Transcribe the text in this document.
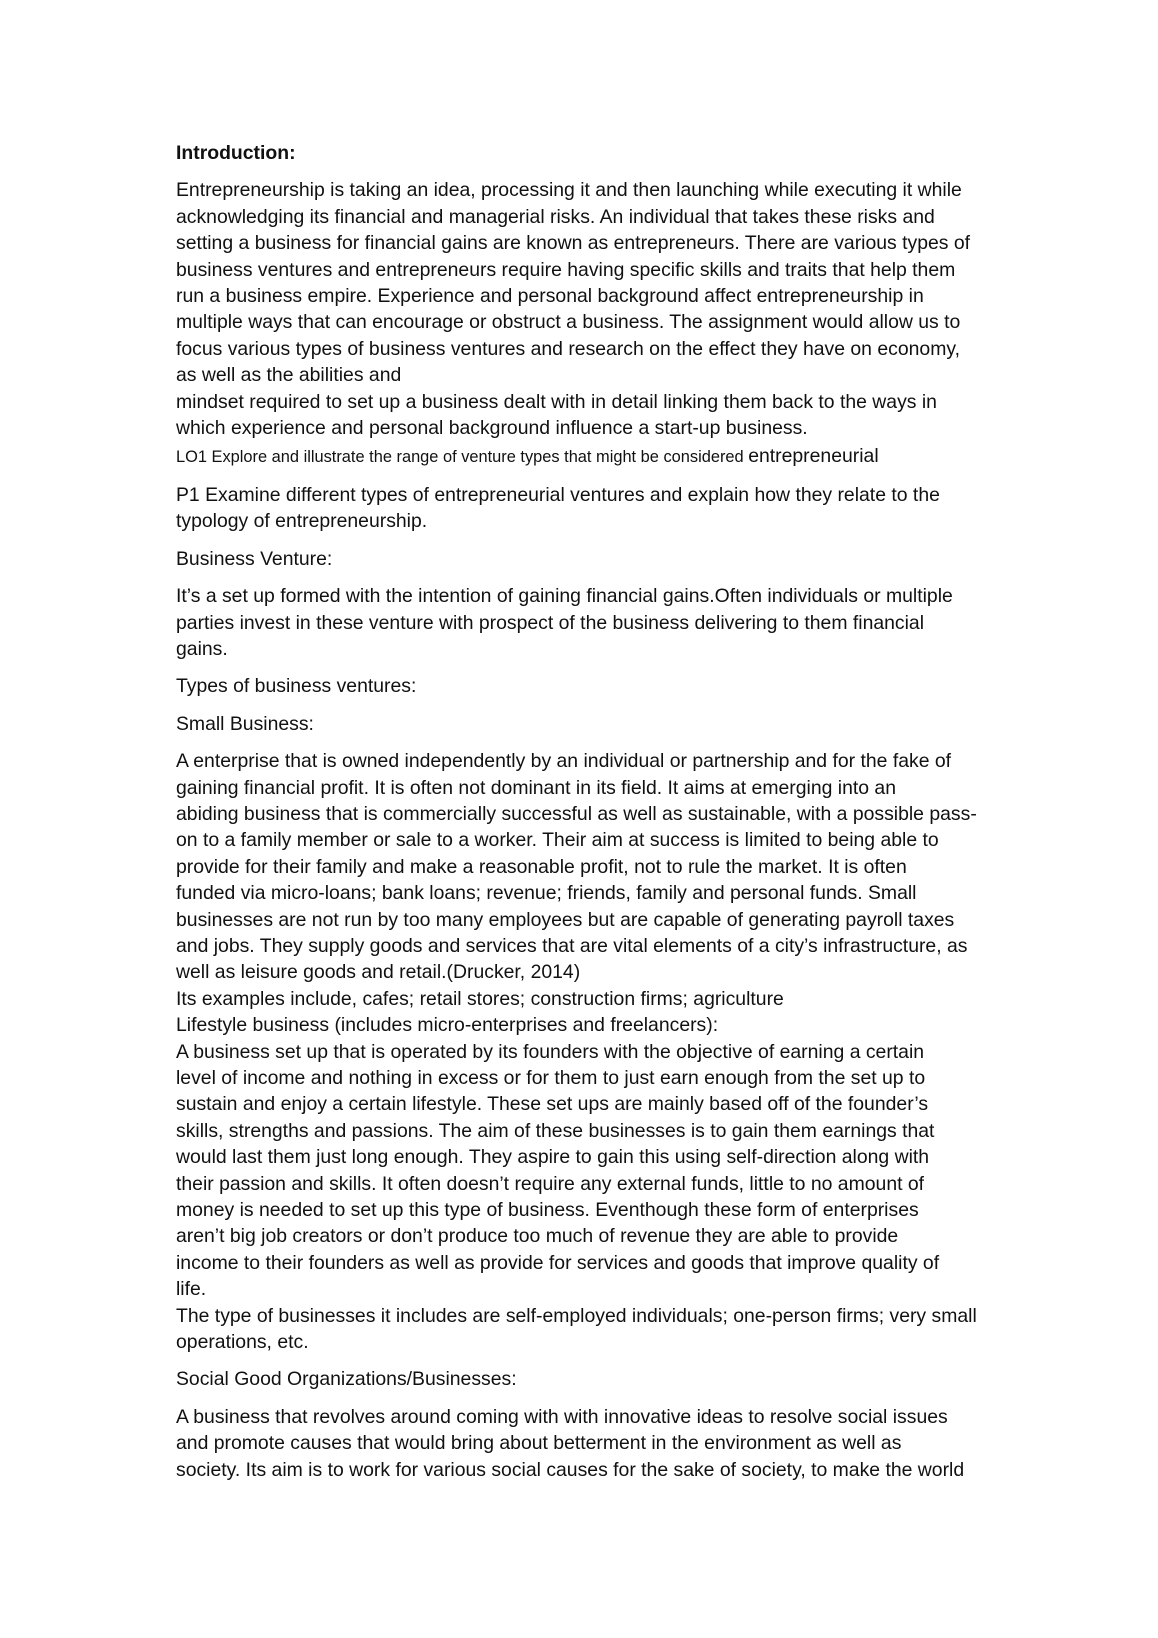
Introduction:

Entrepreneurship is taking an idea, processing it and then launching while executing it while

acknowledging its financial and managerial risks. An individual that takes these risks and

setting a business for financial gains are known as entrepreneurs. There are various types of

business ventures and entrepreneurs require having specific skills and traits that help them

run a business empire. Experience and personal background affect entrepreneurship in

multiple ways that can encourage or obstruct a business. The assignment would allow us to

focus various types of business ventures and research on the effect they have on economy,

as well as the abilities and

mindset required to set up a business dealt with in detail linking them back to the ways in

which experience and personal background influence a start-up business.

LO1 Explore and illustrate the range of venture types that might be considered entrepreneurial

P1 Examine different types of entrepreneurial ventures and explain how they relate to the

typology of entrepreneurship.

Business Venture:

It’s a set up formed with the intention of gaining financial gains.Often individuals or multiple

parties invest in these venture with prospect of the business delivering to them financial

gains.

Types of business ventures:

Small Business:

A enterprise that is owned independently by an individual or partnership and for the fake of

gaining financial profit. It is often not dominant in its field. It aims at emerging into an

abiding business that is commercially successful as well as sustainable, with a possible pass-

on to a family member or sale to a worker. Their aim at success is limited to being able to

provide for their family and make a reasonable profit, not to rule the market. It is often

funded via micro-loans; bank loans; revenue; friends, family and personal funds. Small

businesses are not run by too many employees but are capable of generating payroll taxes

and jobs. They supply goods and services that are vital elements of a city’s infrastructure, as

well as leisure goods and retail.(Drucker, 2014)

Its examples include, cafes; retail stores; construction firms; agriculture

Lifestyle business (includes micro-enterprises and freelancers):

A business set up that is operated by its founders with the objective of earning a certain

level of income and nothing in excess or for them to just earn enough from the set up to

sustain and enjoy a certain lifestyle. These set ups are mainly based off of the founder’s

skills, strengths and passions. The aim of these businesses is to gain them earnings that

would last them just long enough. They aspire to gain this using self-direction along with

their passion and skills. It often doesn’t require any external funds, little to no amount of

money is needed to set up this type of business. Eventhough these form of enterprises

aren’t big job creators or don’t produce too much of revenue they are able to provide

income to their founders as well as provide for services and goods that improve quality of

life.

The type of businesses it includes are self-employed individuals; one-person firms; very small

operations, etc.

Social Good Organizations/Businesses:

A business that revolves around coming with with innovative ideas to resolve social issues

and promote causes that would bring about betterment in the environment as well as

society. Its aim is to work for various social causes for the sake of society, to make the world
